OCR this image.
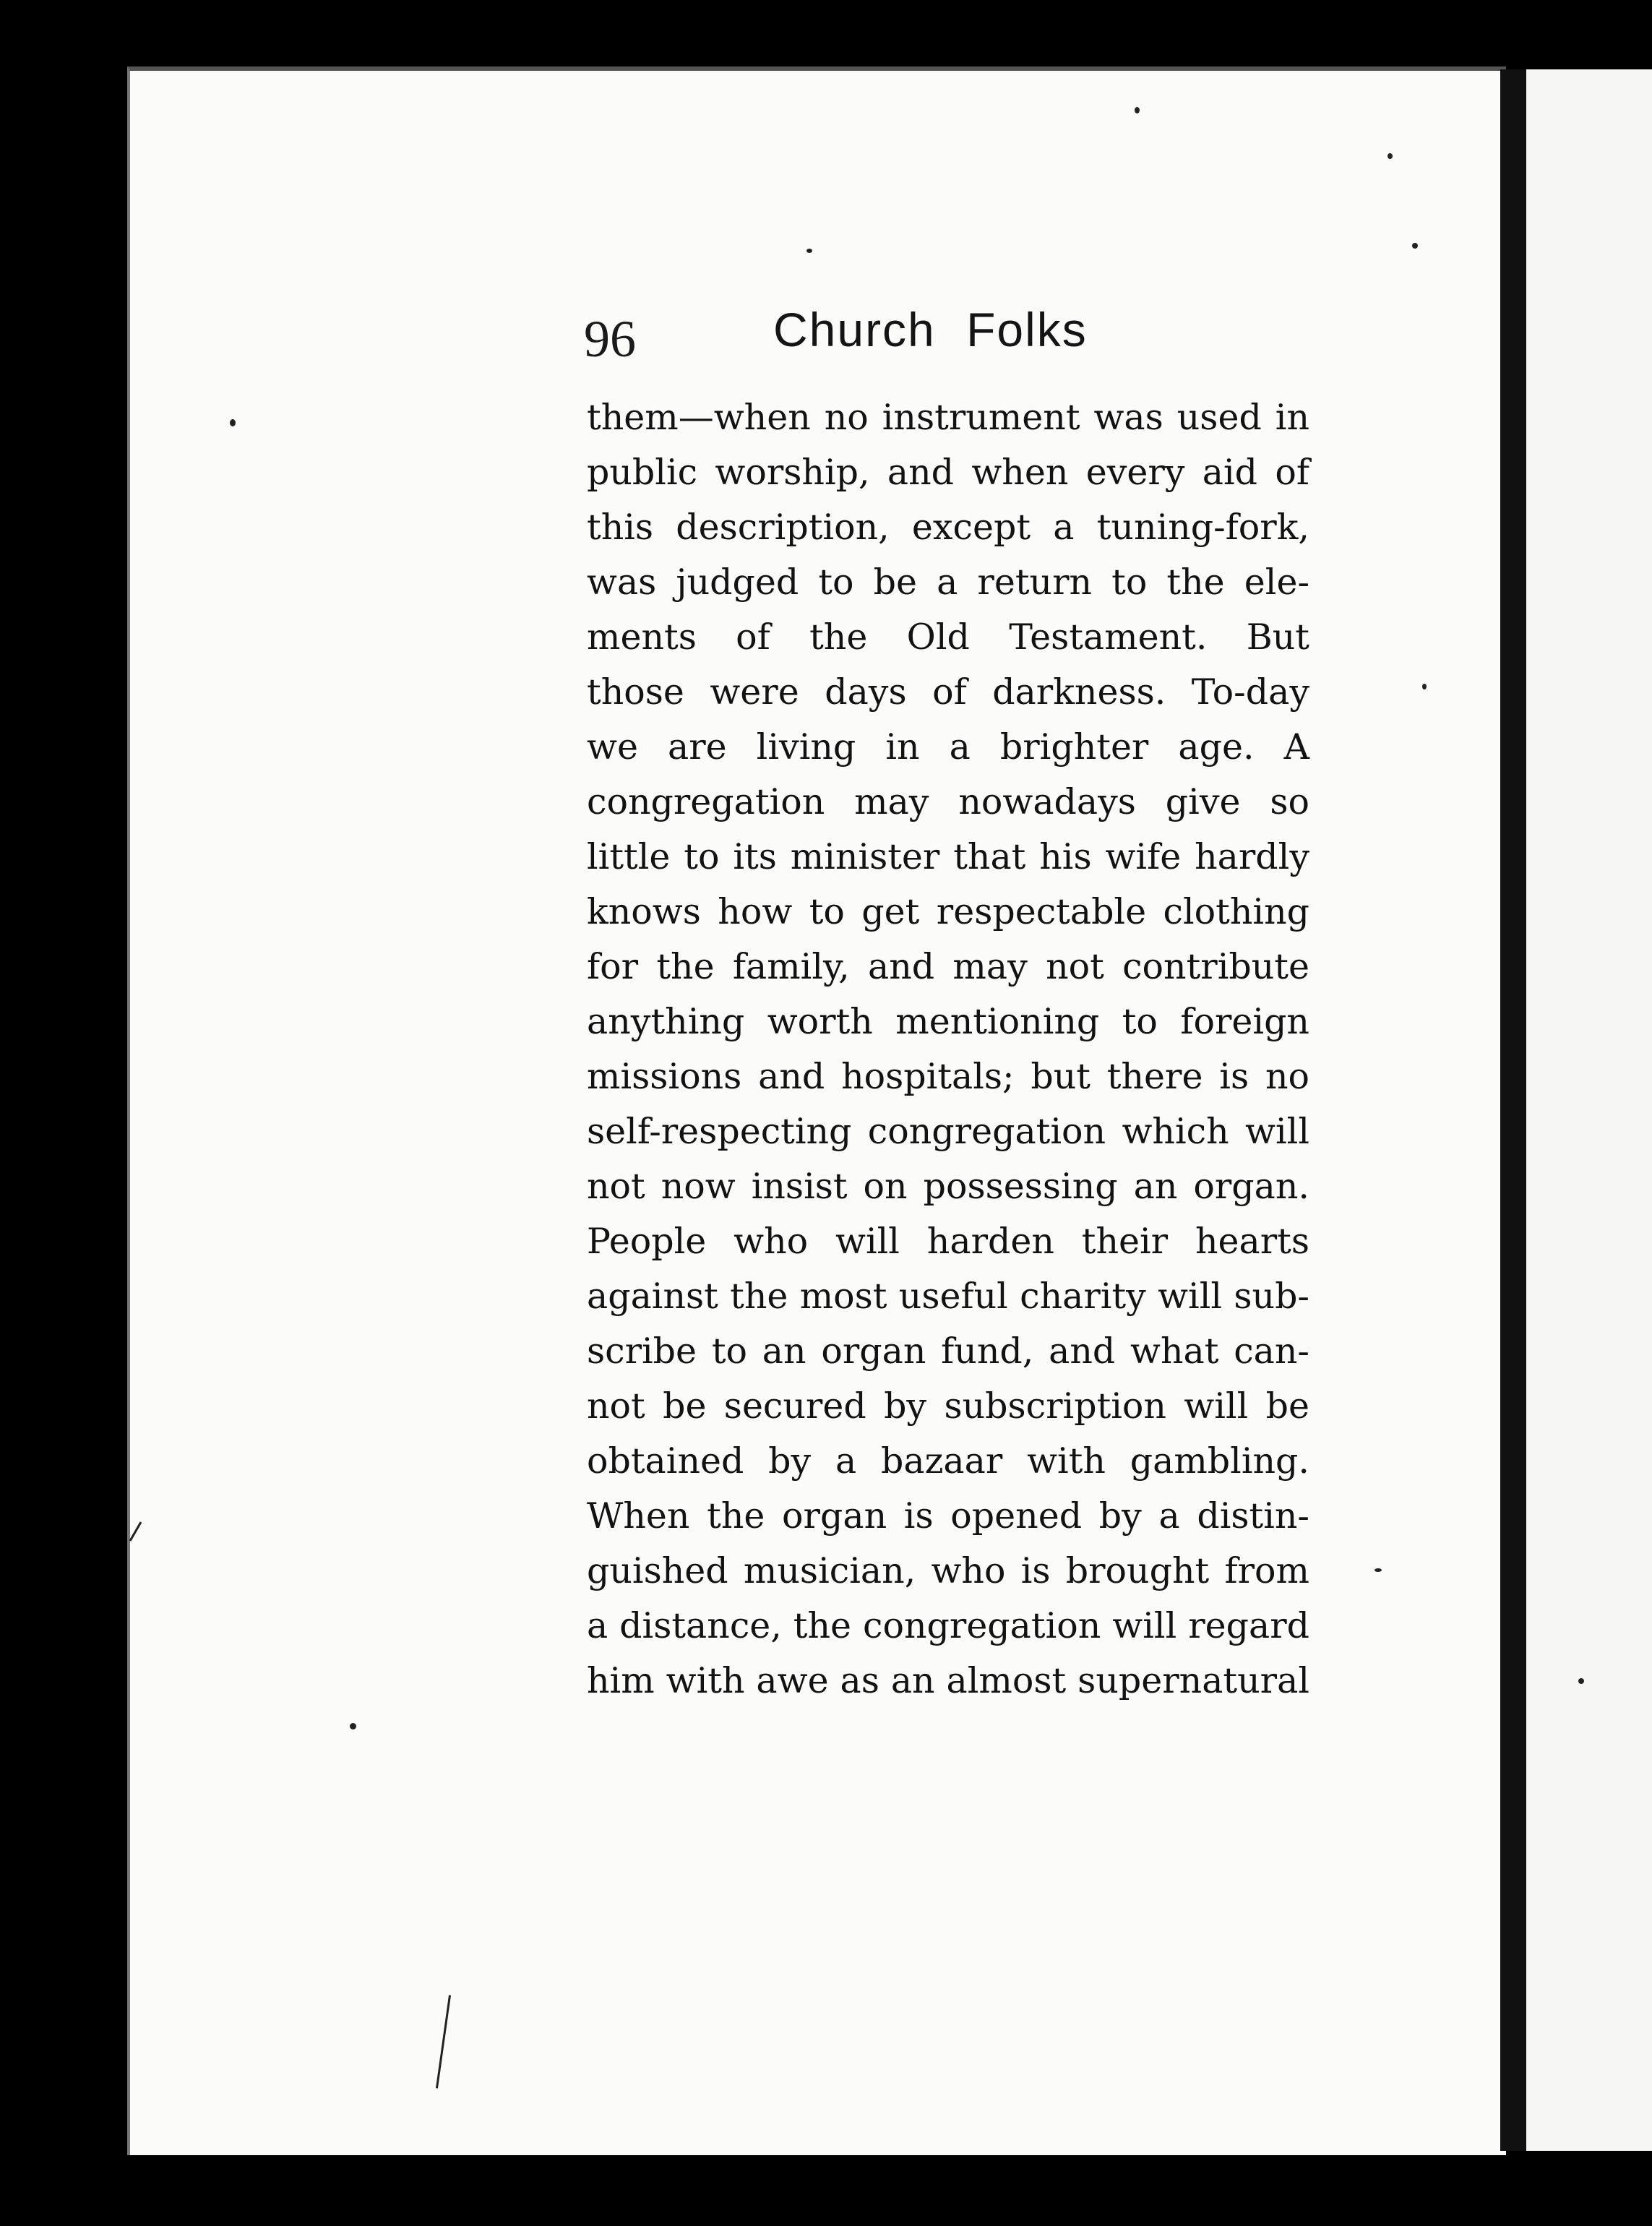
96	Church Folks
them—when no instrument was used in
public worship, and when every aid of
this description, except a tuning-fork,
was judged to be a return to the ele-
ments of the Old Testament. But
those were days of darkness. To-day
we are living in a brighter age. A
congregation may nowadays give so
little to its minister that his wife hardly
knows how to get respectable clothing
for the family, and may not contribute
anything worth mentioning to foreign
missions and hospitals; but there is no
self-respecting congregation which will
not now insist on possessing an organ.
People who will harden their hearts
against the most useful charity will sub-
scribe to an organ fund, and what can-
not be secured by subscription will be
obtained by a bazaar with gambling.
When the organ is opened by a distin-
guished musician, who is brought from
a distance, the congregation will regard
him with awe as an almost supernatural
